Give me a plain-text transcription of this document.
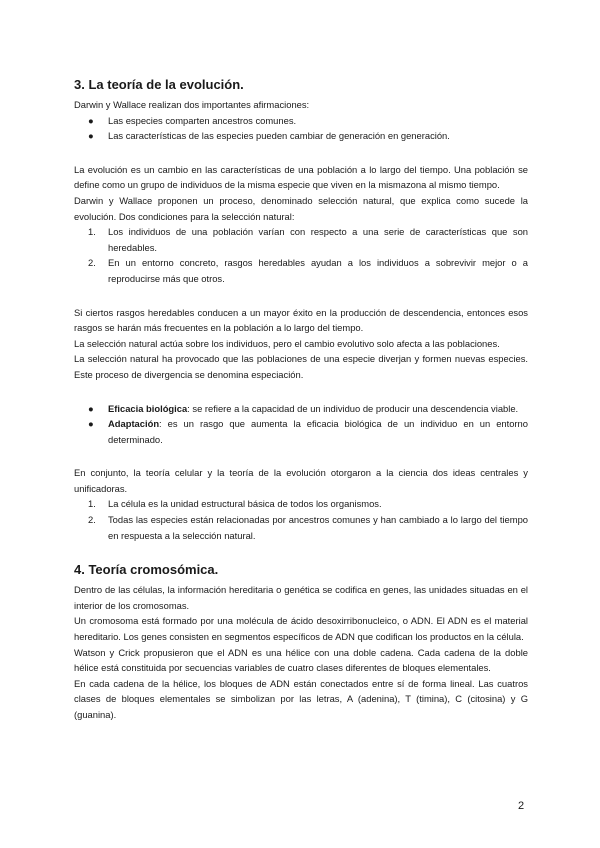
3. La teoría de la evolución.

Darwin y Wallace realizan dos importantes afirmaciones:

● Las especies comparten ancestros comunes.
● Las características de las especies pueden cambiar de generación en generación.

La evolución es un cambio en las características de una población a lo largo del tiempo. Una población se define como un grupo de individuos de la misma especie que viven en la mismazona al mismo tiempo.

Darwin y Wallace proponen un proceso, denominado selección natural, que explica como sucede la evolución. Dos condiciones para la selección natural:

1. Los individuos de una población varían con respecto a una serie de características que son heredables.
2. En un entorno concreto, rasgos heredables ayudan a los individuos a sobrevivir mejor o a reproducirse más que otros.

Si ciertos rasgos heredables conducen a un mayor éxito en la producción de descendencia, entonces esos rasgos se harán más frecuentes en la población a lo largo del tiempo.

La selección natural actúa sobre los individuos, pero el cambio evolutivo solo afecta a las poblaciones.

La selección natural ha provocado que las poblaciones de una especie diverjan y formen nuevas especies. Este proceso de divergencia se denomina especiación.

● Eficacia biológica: se refiere a la capacidad de un individuo de producir una descendencia viable.
● Adaptación: es un rasgo que aumenta la eficacia biológica de un individuo en un entorno determinado.

En conjunto, la teoría celular y la teoría de la evolución otorgaron a la ciencia dos ideas centrales y unificadoras.

1. La célula es la unidad estructural básica de todos los organismos.
2. Todas las especies están relacionadas por ancestros comunes y han cambiado a lo largo del tiempo en respuesta a la selección natural.
4. Teoría cromosómica.

Dentro de las células, la información hereditaria o genética se codifica en genes, las unidades situadas en el interior de los cromosomas.

Un cromosoma está formado por una molécula de ácido desoxirribonucleico, o ADN. El ADN es el material hereditario. Los genes consisten en segmentos específicos de ADN que codifican los productos en la célula.

Watson y Crick propusieron que el ADN es una hélice con una doble cadena. Cada cadena de la doble hélice está constituida por secuencias variables de cuatro clases diferentes de bloques elementales.

En cada cadena de la hélice, los bloques de ADN están conectados entre sí de forma lineal. Las cuatros clases de bloques elementales se simbolizan por las letras, A (adenina), T (timina), C (citosina) y G (guanina).

2
